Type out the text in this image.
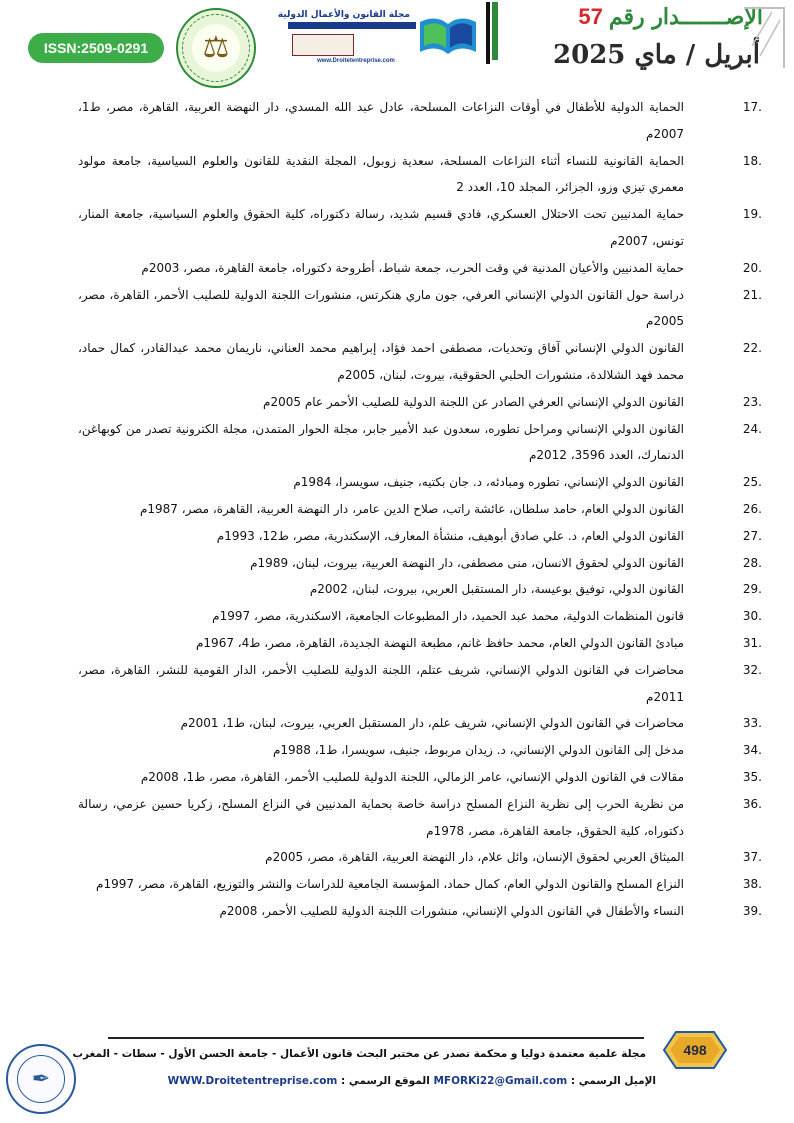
ISSN:2509-0291	⚖
مجلة القانون والأعمال الدولية
www.Droitetentreprise.com
الإصـــــــدار رقم57
أبريل / ماي 2025
17.
الحماية الدولية للأطفال في أوقات النزاعات المسلحة، عادل عبد الله المسدي، دار النهضة العربية، القاهرة، مصر، ط1، 2007م
18.
الحماية القانونية للنساء أثناء النزاعات المسلحة، سعدية زوبول، المجلة النقدية للقانون والعلوم السياسية، جامعة مولود معمري تيزي وزو، الجزائر، المجلد 10، العدد 2
19.
حماية المدنيين تحت الاحتلال العسكري، فادي قسيم شديد، رسالة دكتوراه، كلية الحقوق والعلوم السياسية، جامعة المنار، تونس، 2007م
20.
حماية المدنيين والأعيان المدنية في وقت الحرب، جمعة شباط، أطروحة دكتوراه، جامعة القاهرة، مصر، 2003م
21.
دراسة حول القانون الدولي الإنساني العرفي، جون ماري هنكرتس، منشورات اللجنة الدولية للصليب الأحمر، القاهرة، مصر، 2005م
22.
القانون الدولي الإنساني آفاق وتحديات، مصطفى احمد فؤاد، إبراهيم محمد العناني، ناريمان محمد عبدالقادر، كمال حماد، محمد فهد الشلالدة، منشورات الحلبي الحقوقية، بيروت، لبنان، 2005م
23.
القانون الدولي الإنساني العرفي الصادر عن اللجنة الدولية للصليب الأحمر عام 2005م
24.
القانون الدولي الإنساني ومراحل تطوره، سعدون عبد الأمير جابر، مجلة الحوار المتمدن، مجلة الكترونية تصدر من كوبهاغن، الدنمارك، العدد 3596، 2012م
25.
القانون الدولي الإنساني، تطوره ومبادئه، د. جان بكتيه، جنيف، سويسرا، 1984م
26.
القانون الدولي العام، حامد سلطان، عائشة راتب، صلاح الدين عامر، دار النهضة العربية، القاهرة، مصر، 1987م
27.
القانون الدولي العام، د. علي صادق أبوهيف، منشأة المعارف، الإسكندرية، مصر، ط12، 1993م
28.
القانون الدولي لحقوق الانسان، منى مصطفى، دار النهضة العربية، بيروت، لبنان، 1989م
29.
القانون الدولي، توفيق بوعيسة، دار المستقبل العربي، بيروت، لبنان، 2002م
30.
قانون المنظمات الدولية، محمد عبد الحميد، دار المطبوعات الجامعية، الاسكندرية، مصر، 1997م
31.
مبادئ القانون الدولي العام، محمد حافظ غانم، مطبعة النهضة الجديدة، القاهرة، مصر، ط4، 1967م
32.
محاضرات في القانون الدولي الإنساني، شريف عتلم، اللجنة الدولية للصليب الأحمر، الدار القومية للنشر، القاهرة، مصر، 2011م
33.
محاضرات في القانون الدولي الإنساني، شريف علم، دار المستقبل العربي، بيروت، لبنان، ط1، 2001م
34.
مدخل إلى القانون الدولي الإنساني، د. زيدان مربوط، جنيف، سويسرا، ط1، 1988م
35.
مقالات في القانون الدولي الإنساني، عامر الزمالي، اللجنة الدولية للصليب الأحمر، القاهرة، مصر، ط1، 2008م
36.
من نظرية الحرب إلى نظرية النزاع المسلح دراسة خاصة بحماية المدنيين في النزاع المسلح، زكريا حسين عزمي، رسالة دكتوراه، كلية الحقوق، جامعة القاهرة، مصر، 1978م
37.
الميثاق العربي لحقوق الإنسان، وائل علام، دار النهضة العربية، القاهرة، مصر، 2005م
38.
النزاع المسلح والقانون الدولي العام، كمال حماد، المؤسسة الجامعية للدراسات والنشر والتوزيع، القاهرة، مصر، 1997م
39.
النساء والأطفال في القانون الدولي الإنساني، منشورات اللجنة الدولية للصليب الأحمر، 2008م
498
مجلة علمية معتمدة دوليا و محكمة تصدر عن مختبر البحث قانون الأعمال - جامعة الحسن الأول - سطات - المغرب
الإميل الرسمي : MFORKi22@Gmail.com الموقع الرسمي : WWW.Droitetentreprise.com
✒
